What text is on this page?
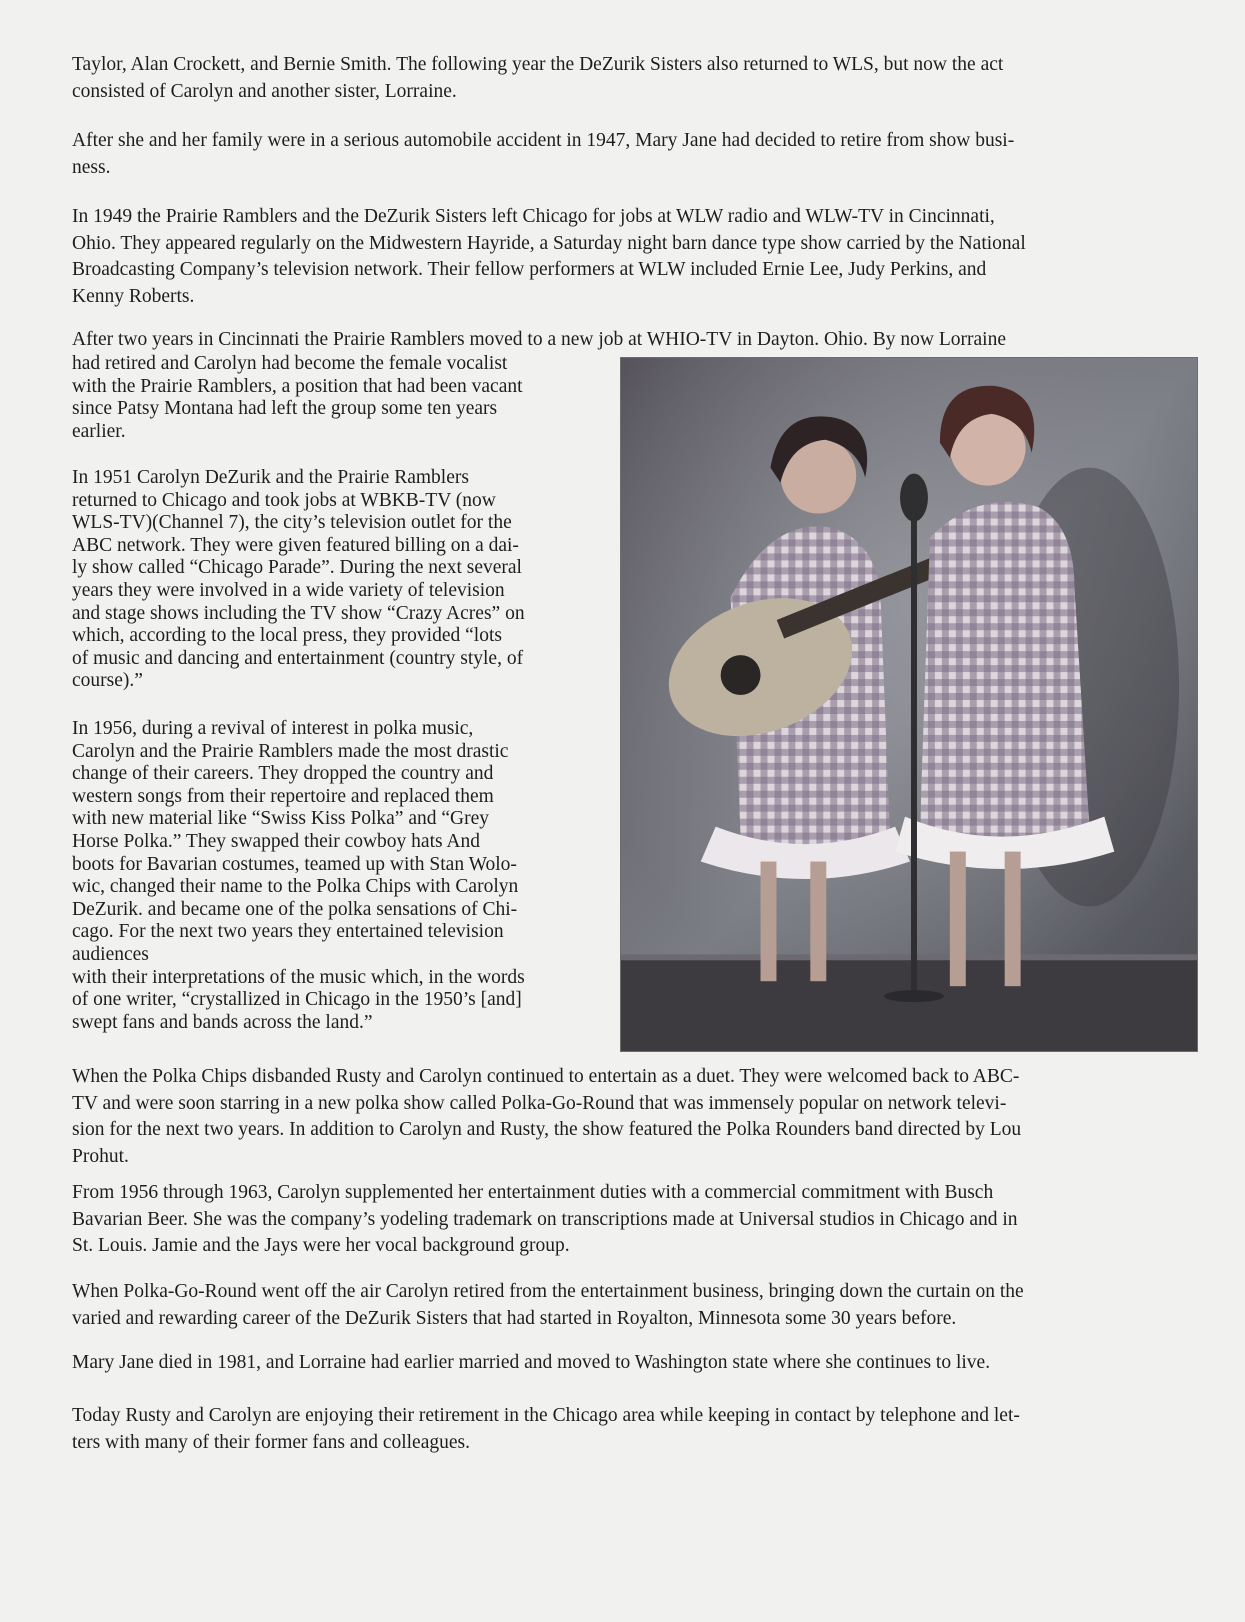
Taylor, Alan Crockett, and Bernie Smith. The following year the DeZurik Sisters also returned to WLS, but now the act
consisted of Carolyn and another sister, Lorraine.

After she and her family were in a serious automobile accident in 1947, Mary Jane had decided to retire from show busi-
ness.

In 1949 the Prairie Ramblers and the DeZurik Sisters left Chicago for jobs at WLW radio and WLW-TV in Cincinnati,
Ohio. They appeared regularly on the Midwestern Hayride, a Saturday night barn dance type show carried by the National
Broadcasting Company’s television network. Their fellow performers at WLW included Ernie Lee, Judy Perkins, and
Kenny Roberts.

After two years in Cincinnati the Prairie Ramblers moved to a new job at WHIO-TV in Dayton. Ohio. By now Lorraine

had retired and Carolyn had become the female vocalist
with the Prairie Ramblers, a position that had been vacant
since Patsy Montana had left the group some ten years
earlier.

In 1951 Carolyn DeZurik and the Prairie Ramblers
returned to Chicago and took jobs at WBKB-TV (now
WLS-TV)(Channel 7), the city’s television outlet for the
ABC network. They were given featured billing on a dai-
ly show called “Chicago Parade”. During the next several
years they were involved in a wide variety of television
and stage shows including the TV show “Crazy Acres” on
which, according to the local press, they provided “lots
of music and dancing and entertainment (country style, of
course).”

In 1956, during a revival of interest in polka music,
Carolyn and the Prairie Ramblers made the most drastic
change of their careers. They dropped the country and
western songs from their repertoire and replaced them
with new material like “Swiss Kiss Polka” and “Grey
Horse Polka.” They swapped their cowboy hats And
boots for Bavarian costumes, teamed up with Stan Wolo-
wic, changed their name to the Polka Chips with Carolyn
DeZurik. and became one of the polka sensations of Chi-
cago. For the next two years they entertained television
audiences
with their interpretations of the music which, in the words
of one writer, “crystallized in Chicago in the 1950’s [and]
swept fans and bands across the land.”

When the Polka Chips disbanded Rusty and Carolyn continued to entertain as a duet. They were welcomed back to ABC-
TV and were soon starring in a new polka show called Polka-Go-Round that was immensely popular on network televi-
sion for the next two years. In addition to Carolyn and Rusty, the show featured the Polka Rounders band directed by Lou
Prohut.

From 1956 through 1963, Carolyn supplemented her entertainment duties with a commercial commitment with Busch
Bavarian Beer. She was the company’s yodeling trademark on transcriptions made at Universal studios in Chicago and in
St. Louis. Jamie and the Jays were her vocal background group.

When Polka-Go-Round went off the air Carolyn retired from the entertainment business, bringing down the curtain on the
varied and rewarding career of the DeZurik Sisters that had started in Royalton, Minnesota some 30 years before.

Mary Jane died in 1981, and Lorraine had earlier married and moved to Washington state where she continues to live.

Today Rusty and Carolyn are enjoying their retirement in the Chicago area while keeping in contact by telephone and let-
ters with many of their former fans and colleagues.
